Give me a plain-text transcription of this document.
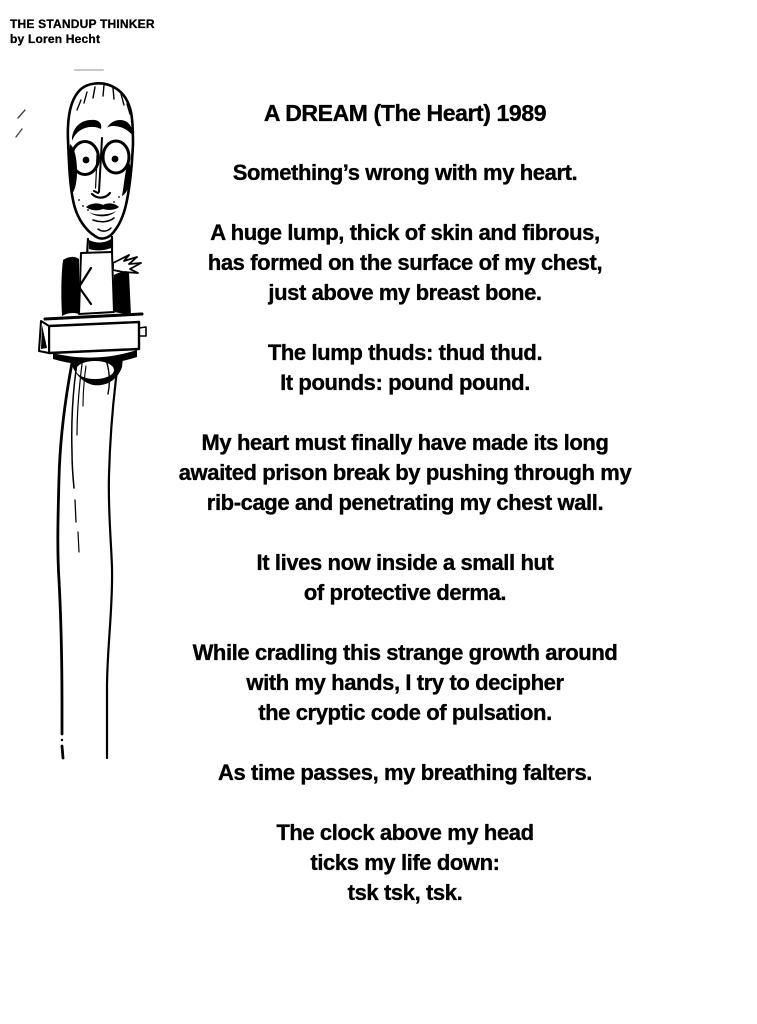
THE STANDUP THINKER
by Loren Hecht
A DREAM (The Heart) 1989
Something’s wrong with my heart.
A huge lump, thick of skin and fibrous,
has formed on the surface of my chest,
just above my breast bone.
The lump thuds: thud thud.
It pounds: pound pound.
My heart must finally have made its long
awaited prison break by pushing through my
rib-cage and penetrating my chest wall.
It lives now inside a small hut
of protective derma.
While cradling this strange growth around
with my hands, I try to decipher
the cryptic code of pulsation.
As time passes, my breathing falters.
The clock above my head
ticks my life down:
tsk tsk, tsk.
